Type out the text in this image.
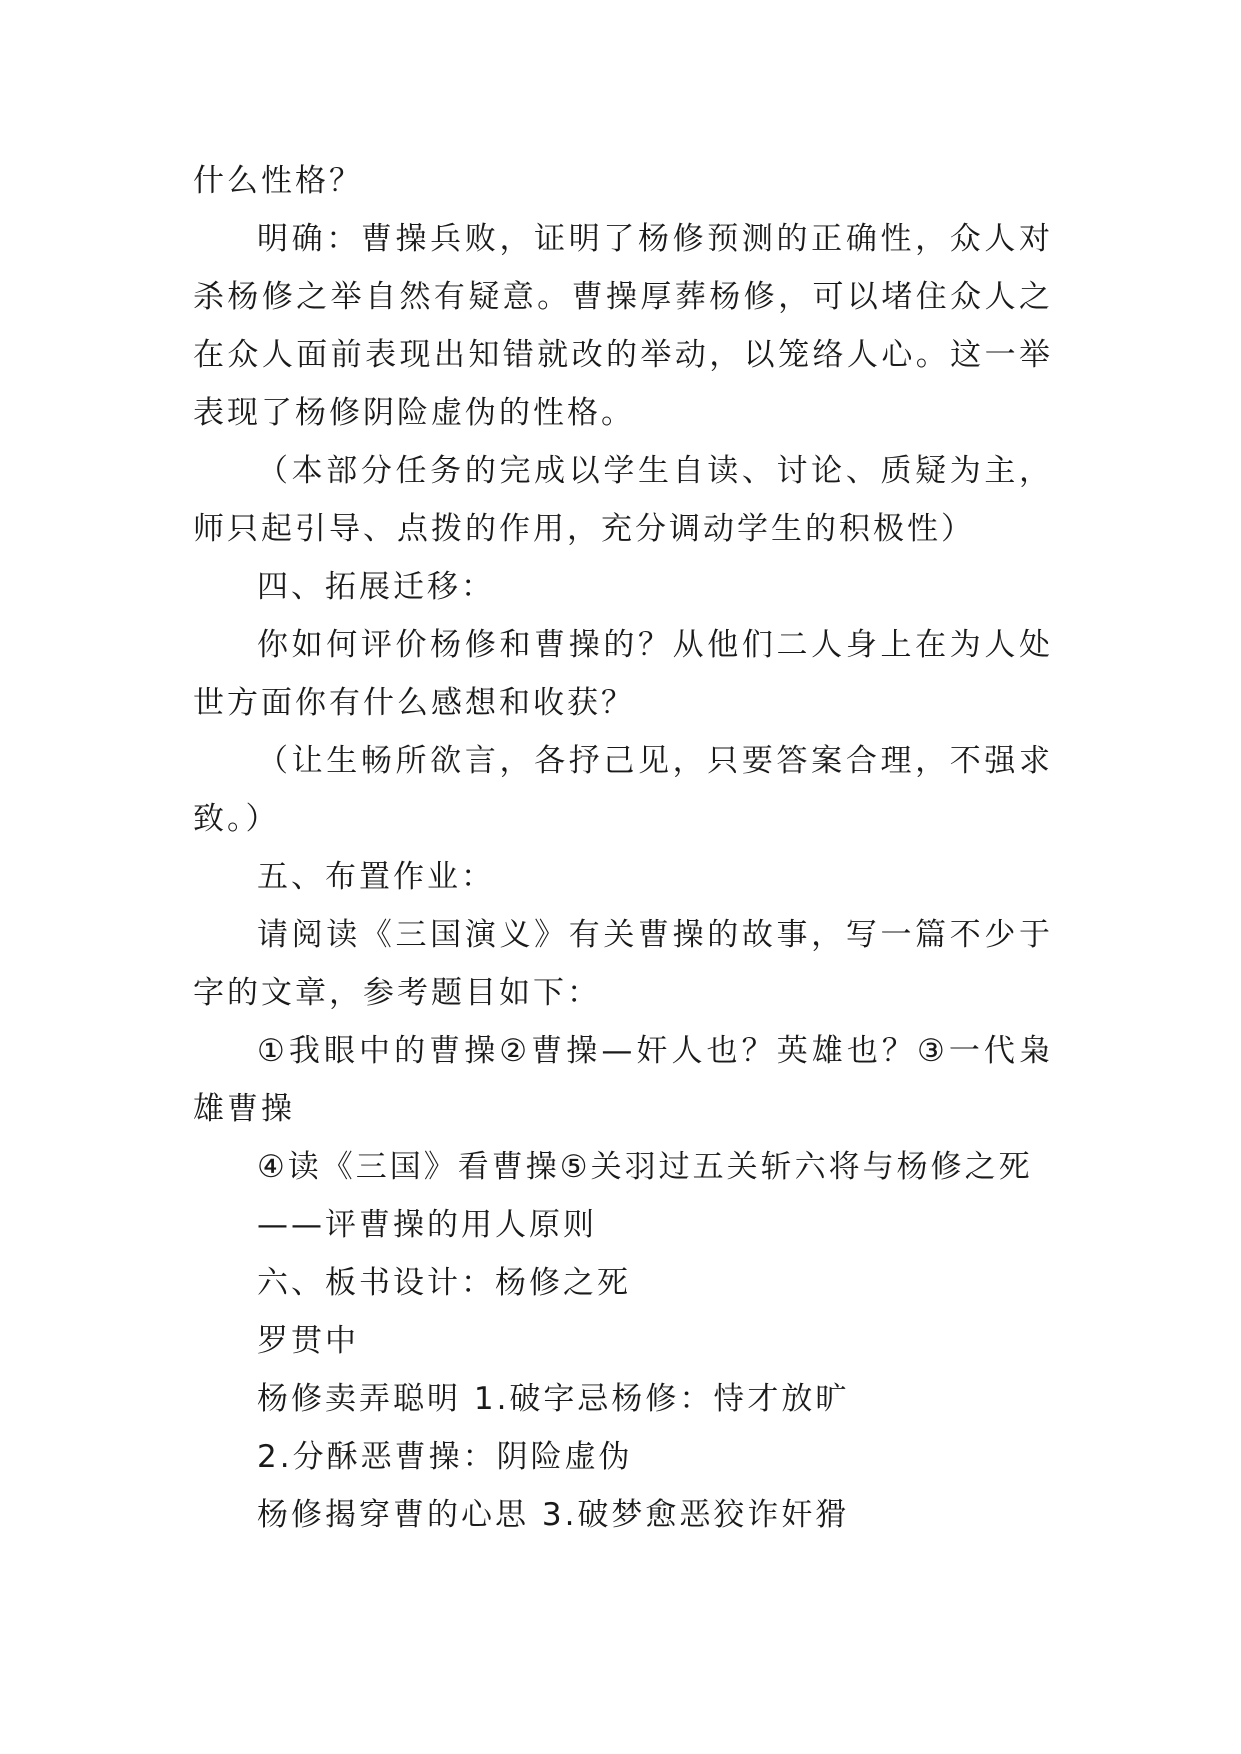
什么性格？
明确：曹操兵败，证明了杨修预测的正确性，众人对
杀杨修之举自然有疑意。曹操厚葬杨修，可以堵住众人之
在众人面前表现出知错就改的举动，以笼络人心。这一举
表现了杨修阴险虚伪的性格。
（本部分任务的完成以学生自读、讨论、质疑为主，
师只起引导、点拨的作用，充分调动学生的积极性）
四、拓展迁移：
你如何评价杨修和曹操的？从他们二人身上在为人处
世方面你有什么感想和收获？
（让生畅所欲言，各抒己见，只要答案合理，不强求
致。）
五、布置作业：
请阅读《三国演义》有关曹操的故事，写一篇不少于
字的文章，参考题目如下：
①我眼中的曹操②曹操—奸人也？英雄也？③一代枭
雄曹操
④读《三国》看曹操⑤关羽过五关斩六将与杨修之死
——评曹操的用人原则
六、板书设计：杨修之死
罗贯中
杨修卖弄聪明 1.破字忌杨修：恃才放旷
2.分酥恶曹操：阴险虚伪
杨修揭穿曹的心思 3.破梦愈恶狡诈奸猾
